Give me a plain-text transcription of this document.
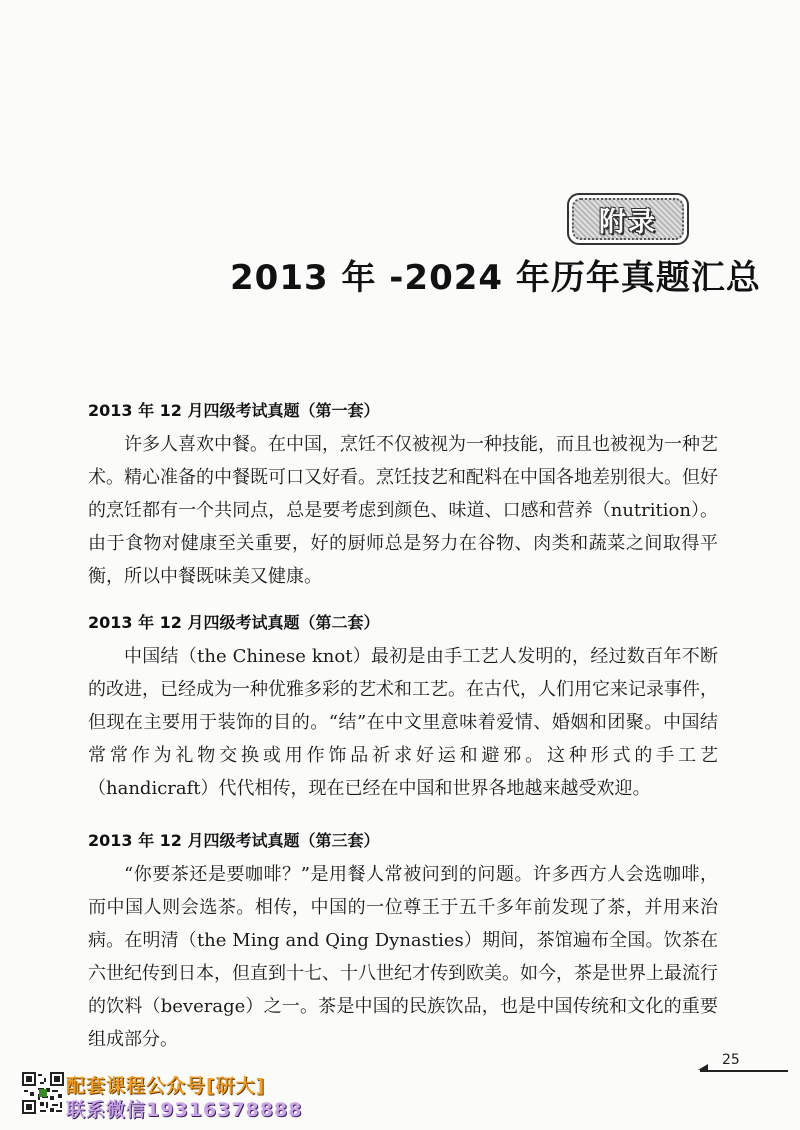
附录
2013 年 -2024 年历年真题汇总
2013 年 12 月四级考试真题（第一套）

许多人喜欢中餐。在中国，烹饪不仅被视为一种技能，而且也被视为一种艺术。精心准备的中餐既可口又好看。烹饪技艺和配料在中国各地差别很大。但好的烹饪都有一个共同点，总是要考虑到颜色、味道、口感和营养（nutrition）。由于食物对健康至关重要，好的厨师总是努力在谷物、肉类和蔬菜之间取得平衡，所以中餐既味美又健康。

2013 年 12 月四级考试真题（第二套）

中国结（the Chinese knot）最初是由手工艺人发明的，经过数百年不断的改进，已经成为一种优雅多彩的艺术和工艺。在古代，人们用它来记录事件，但现在主要用于装饰的目的。“结”在中文里意味着爱情、婚姻和团聚。中国结常常作为礼物交换或用作饰品祈求好运和避邪。这种形式的手工艺（handicraft）代代相传，现在已经在中国和世界各地越来越受欢迎。

2013 年 12 月四级考试真题（第三套）

“你要茶还是要咖啡？”是用餐人常被问到的问题。许多西方人会选咖啡，而中国人则会选茶。相传，中国的一位尊王于五千多年前发现了茶，并用来治病。在明清（the Ming and Qing Dynasties）期间，茶馆遍布全国。饮茶在六世纪传到日本，但直到十七、十八世纪才传到欧美。如今，茶是世界上最流行的饮料（beverage）之一。茶是中国的民族饮品，也是中国传统和文化的重要组成部分。

25
配套课程公众号[研大]
联系微信19316378888
